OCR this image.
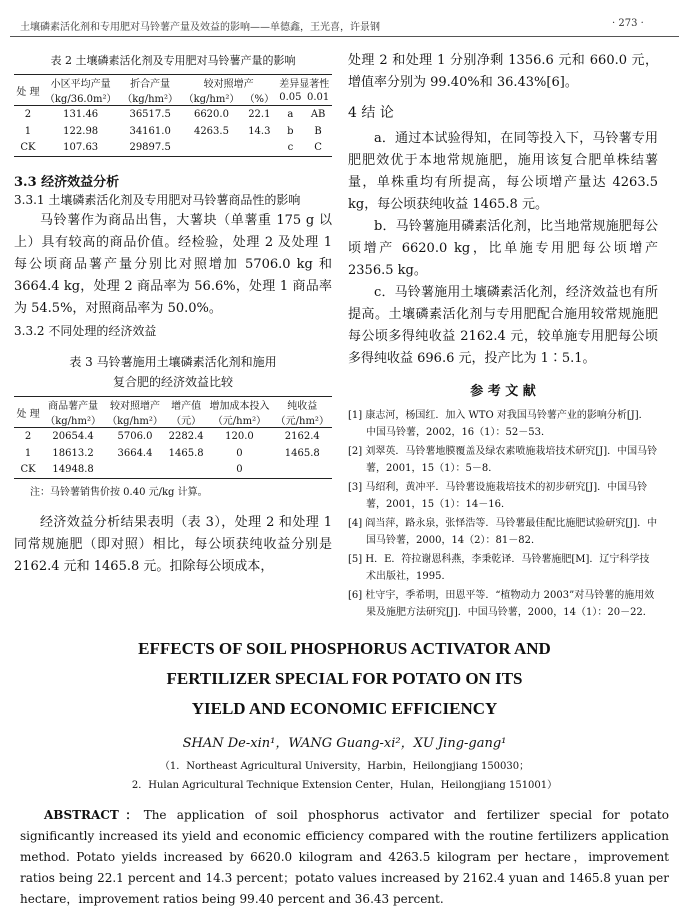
土壤磷素活化剂和专用肥对马铃薯产量及效益的影响——单德鑫，王光喜，许景钢	· 273 ·
表 2 土壤磷素活化剂及专用肥对马铃薯产量的影响
处 理	小区平均产量	折合产量	较对照增产		差异显著性	
	（kg/36.0m²）	（kg/hm²）	（kg/hm²）	（%）	0.05	0.01
2	131.46	36517.5	6620.0	22.1	a	AB
1	122.98	34161.0	4263.5	14.3	b	B
CK	107.63	29897.5			c	C
3.3 经济效益分析
3.3.1 土壤磷素活化剂及专用肥对马铃薯商品性的影响
马铃薯作为商品出售，大薯块（单薯重 175 g 以上）具有较高的商品价值。经检验，处理 2 及处理 1 每公顷商品薯产量分别比对照增加 5706.0 kg 和 3664.4 kg，处理 2 商品率为 56.6%，处理 1 商品率为 54.5%，对照商品率为 50.0%。
3.3.2 不同处理的经济效益
表 3 马铃薯施用土壤磷素活化剂和施用
复合肥的经济效益比较
处 理	商品薯产量	较对照增产	增产值	增加成本投入	纯收益
	（kg/hm²）	（kg/hm²）	（元）	（元/hm²）	（元/hm²）
2	20654.4	5706.0	2282.4	120.0	2162.4
1	18613.2	3664.4	1465.8	0	1465.8
CK	14948.8			0	
注：马铃薯销售价按 0.40 元/kg 计算。
经济效益分析结果表明（表 3），处理 2 和处理 1 同常规施肥（即对照）相比，每公顷获纯收益分别是 2162.4 元和 1465.8 元。扣除每公顷成本，
处理 2 和处理 1 分别净剩 1356.6 元和 660.0 元，增值率分别为 99.40%和 36.43%[6]。
4 结 论
a．通过本试验得知，在同等投入下，马铃薯专用肥肥效优于本地常规施肥，施用该复合肥单株结薯量，单株重均有所提高，每公顷增产量达 4263.5 kg，每公顷获纯收益 1465.8 元。
b．马铃薯施用磷素活化剂，比当地常规施肥每公顷增产 6620.0 kg，比单施专用肥每公顷增产 2356.5 kg。
c．马铃薯施用土壤磷素活化剂，经济效益也有所提高。土壤磷素活化剂与专用肥配合施用较常规施肥每公顷多得纯收益 2162.4 元，较单施专用肥每公顷多得纯收益 696.6 元，投产比为 1∶5.1。
参 考 文 献
[1] 康志河，杨国红．加入 WTO 对我国马铃薯产业的影响分析[J]．中国马铃薯，2002，16（1）：52－53．
[2] 刘翠英．马铃薯地膜覆盖及绿农素喷施栽培技术研究[J]．中国马铃薯，2001，15（1）：5－8．
[3] 马绍利，黄冲平．马铃薯设施栽培技术的初步研究[J]．中国马铃薯，2001，15（1）：14－16．
[4] 阎当萍，路永泉，张怿浩等．马铃薯最佳配比施肥试验研究[J]．中国马铃薯，2000，14（2）：81－82．
[5] H．E．符拉谢恩科燕，李秉乾译．马铃薯施肥[M]．辽宁科学技术出版社，1995．
[6] 杜守宇，季希明，田恩平等．“植物动力 2003”对马铃薯的施用效果及施肥方法研究[J]．中国马铃薯，2000，14（1）：20－22．
EFFECTS OF SOIL PHOSPHORUS ACTIVATOR AND
FERTILIZER SPECIAL FOR POTATO ON ITS
YIELD AND ECONOMIC EFFICIENCY
SHAN De-xin¹，WANG Guang-xi²，XU Jing-gang¹
（1．Northeast Agricultural University，Harbin，Heilongjiang 150030；
2．Hulan Agricultural Technique Extension Center，Hulan，Heilongjiang 151001）
ABSTRACT：The application of soil phosphorus activator and fertilizer special for potato significantly increased its yield and economic efficiency compared with the routine fertilizers application method. Potato yields increased by 6620.0 kilogram and 4263.5 kilogram per hectare，improvement ratios being 22.1 percent and 14.3 percent；potato values increased by 2162.4 yuan and 1465.8 yuan per hectare，improvement ratios being 99.40 percent and 36.43 percent.
